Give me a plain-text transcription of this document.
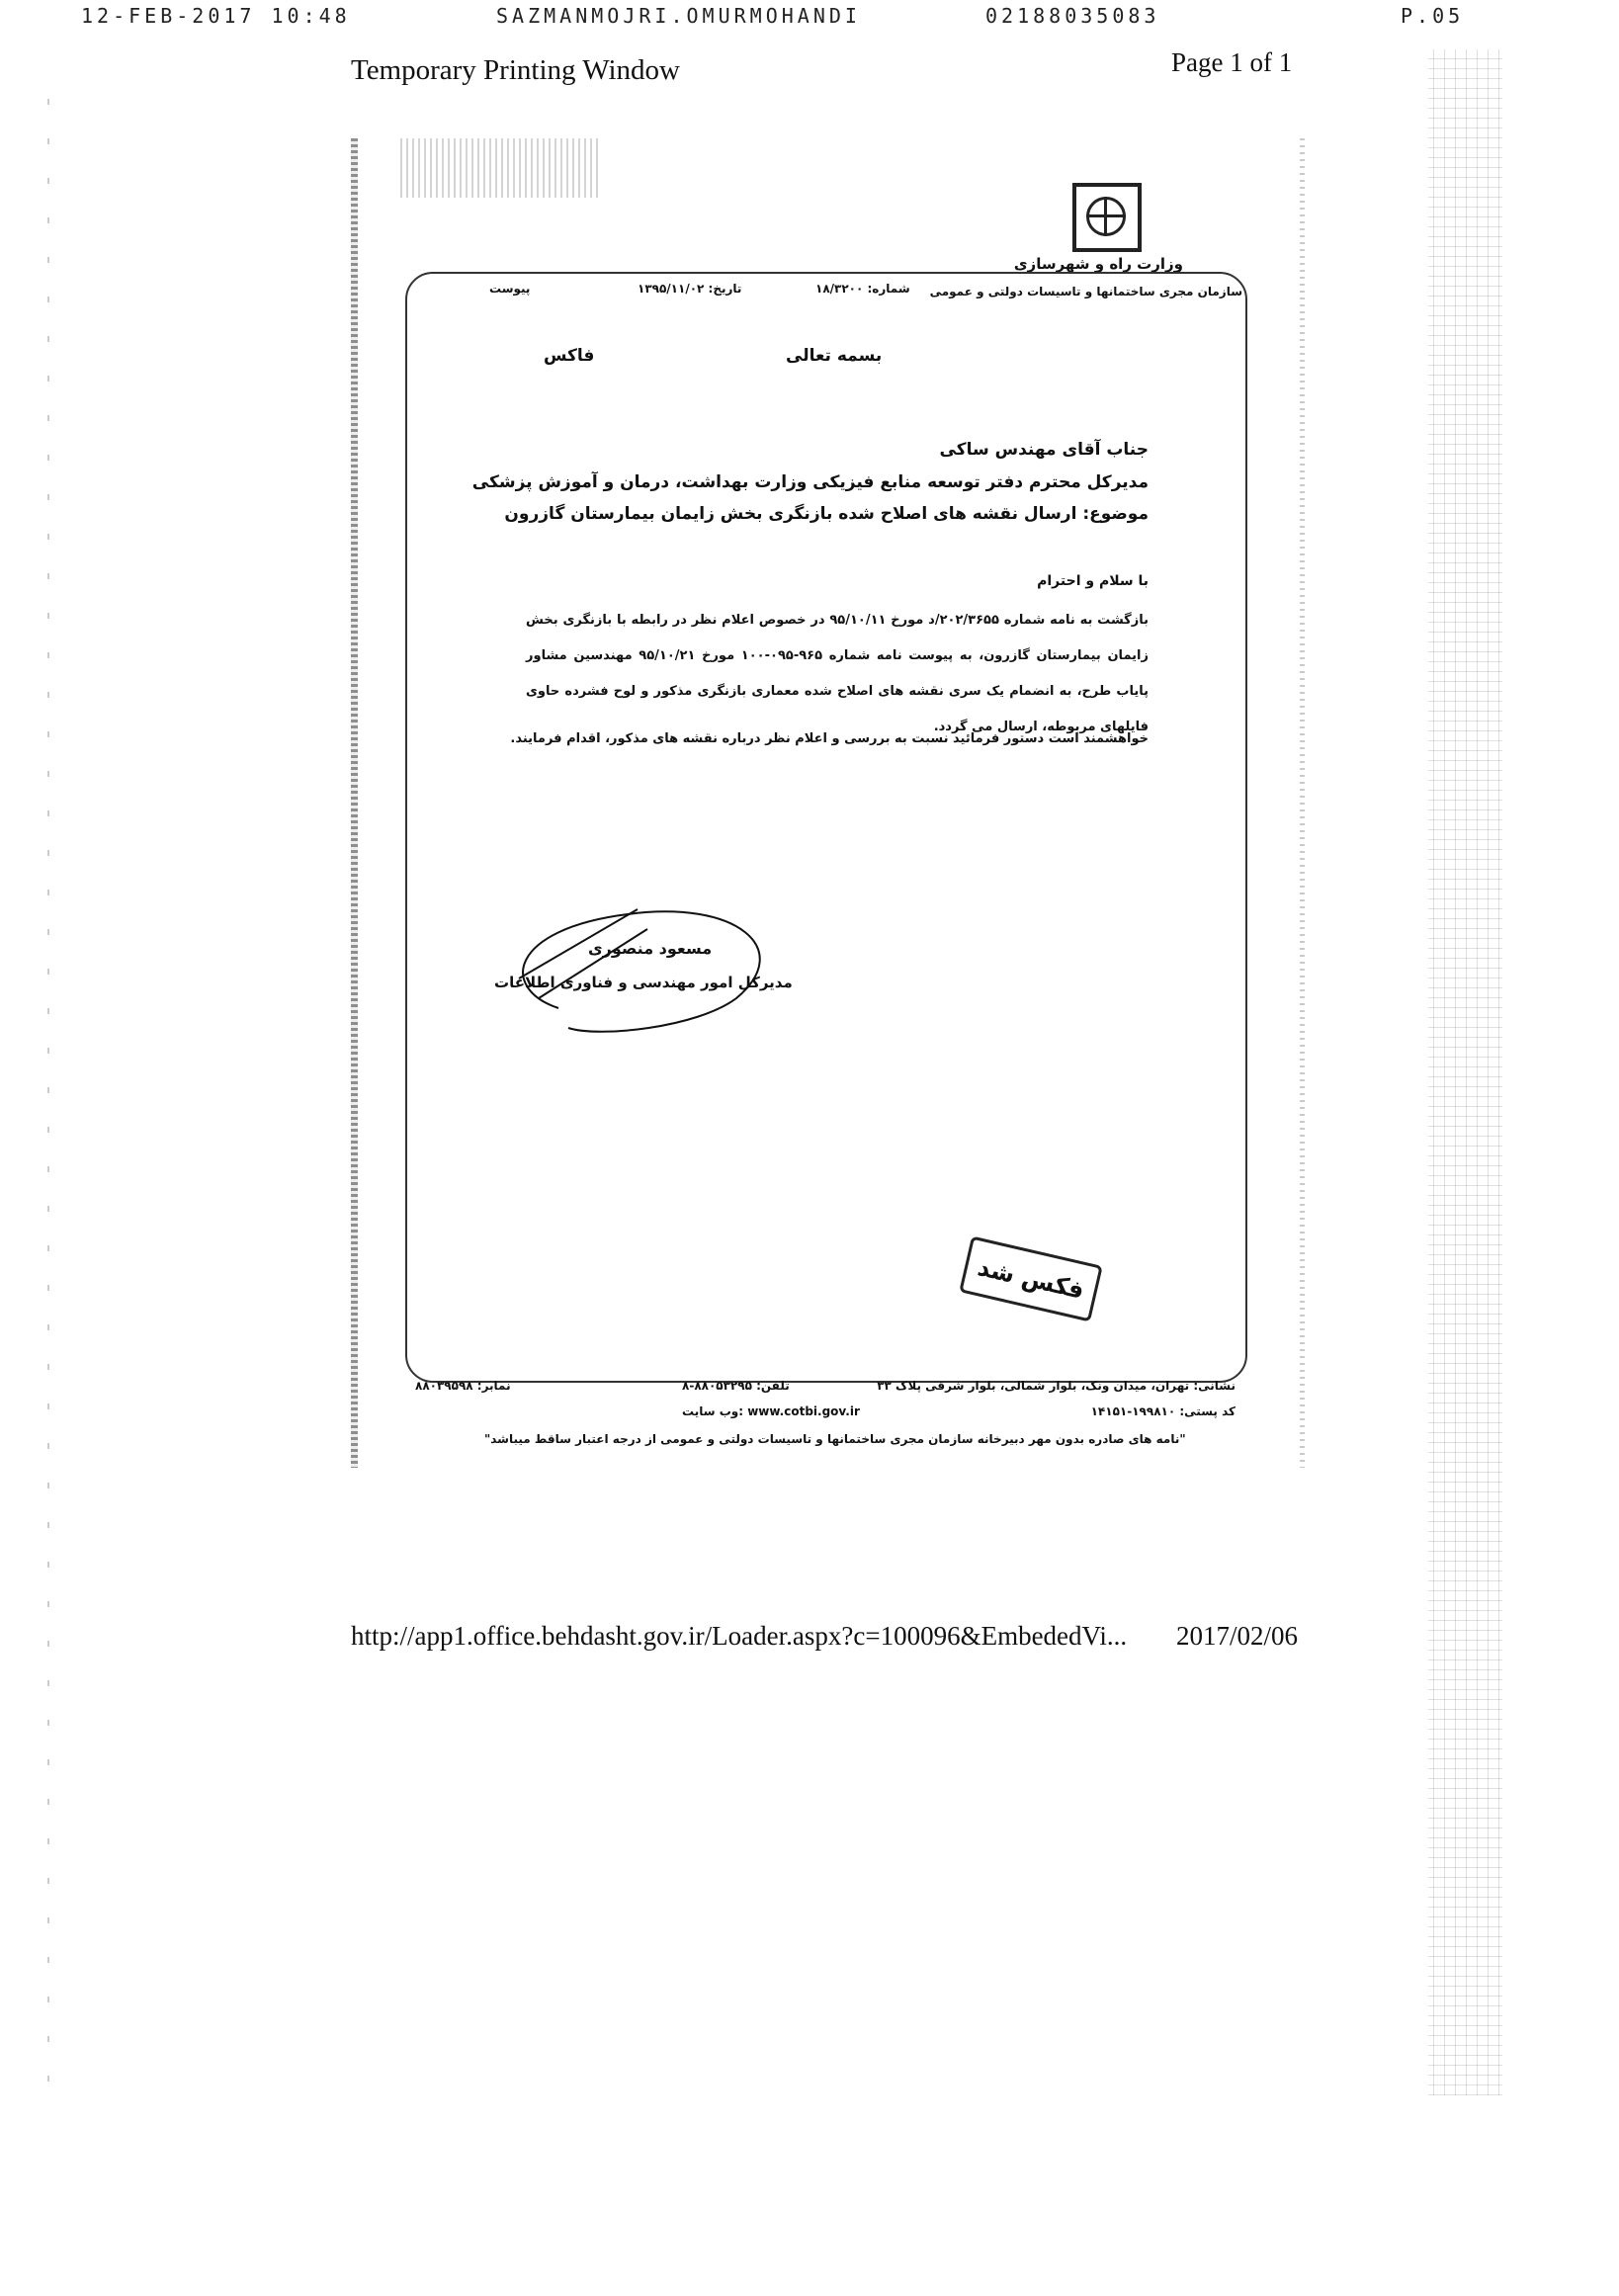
12-FEB-2017 10:48	SAZMANMOJRI.OMURMOHANDI	02188035083	P.05
Temporary Printing Window	Page 1 of 1
وزارت راه و شهرسازی
سازمان مجری ساختمانها و تاسیسات دولتی و عمومی
شماره: ۱۸/۳۲۰۰
تاریخ: ۱۳۹۵/۱۱/۰۲
پیوست
بسمه تعالی
فاکس
جناب آقای مهندس ساکی
مدیرکل محترم دفتر توسعه منابع فیزیکی وزارت بهداشت، درمان و آموزش پزشکی
موضوع: ارسال نقشه های اصلاح شده بازنگری بخش زایمان بیمارستان گازرون
با سلام و احترام
بازگشت به نامه شماره ۲۰۲/۳۶۵۵/د مورخ ۹۵/۱۰/۱۱ در خصوص اعلام نظر در رابطه با بازنگری بخش زایمان بیمارستان گازرون، به پیوست نامه شماره ۹۶۵-۰۹۵-۱۰۰ مورخ ۹۵/۱۰/۲۱ مهندسین مشاور پایاب طرح، به انضمام یک سری نقشه های اصلاح شده معماری بازنگری مذکور و لوح فشرده حاوی فایلهای مربوطه، ارسال می گردد.
خواهشمند است دستور فرمائید نسبت به بررسی و اعلام نظر درباره نقشه های مذکور، اقدام فرمایند.
مسعود منصوری
مدیرکل امور مهندسی و فناوری اطلاعات
فکس شد
نشانی: تهران، میدان ونک، بلوار شمالی، بلوار شرقی پلاک ۳۳
تلفن: ۸۸۰۵۳۲۹۵-۸
نمابر: ۸۸۰۳۹۵۹۸
کد پستی: ۱۹۹۸۱۰-۱۴۱۵۱
www.cotbi.gov.ir :وب سایت
"نامه های صادره بدون مهر دبیرخانه سازمان مجری ساختمانها و تاسیسات دولتی و عمومی از درجه اعتبار ساقط میباشد"
http://app1.office.behdasht.gov.ir/Loader.aspx?c=100096&EmbededVi... 2017/02/06
